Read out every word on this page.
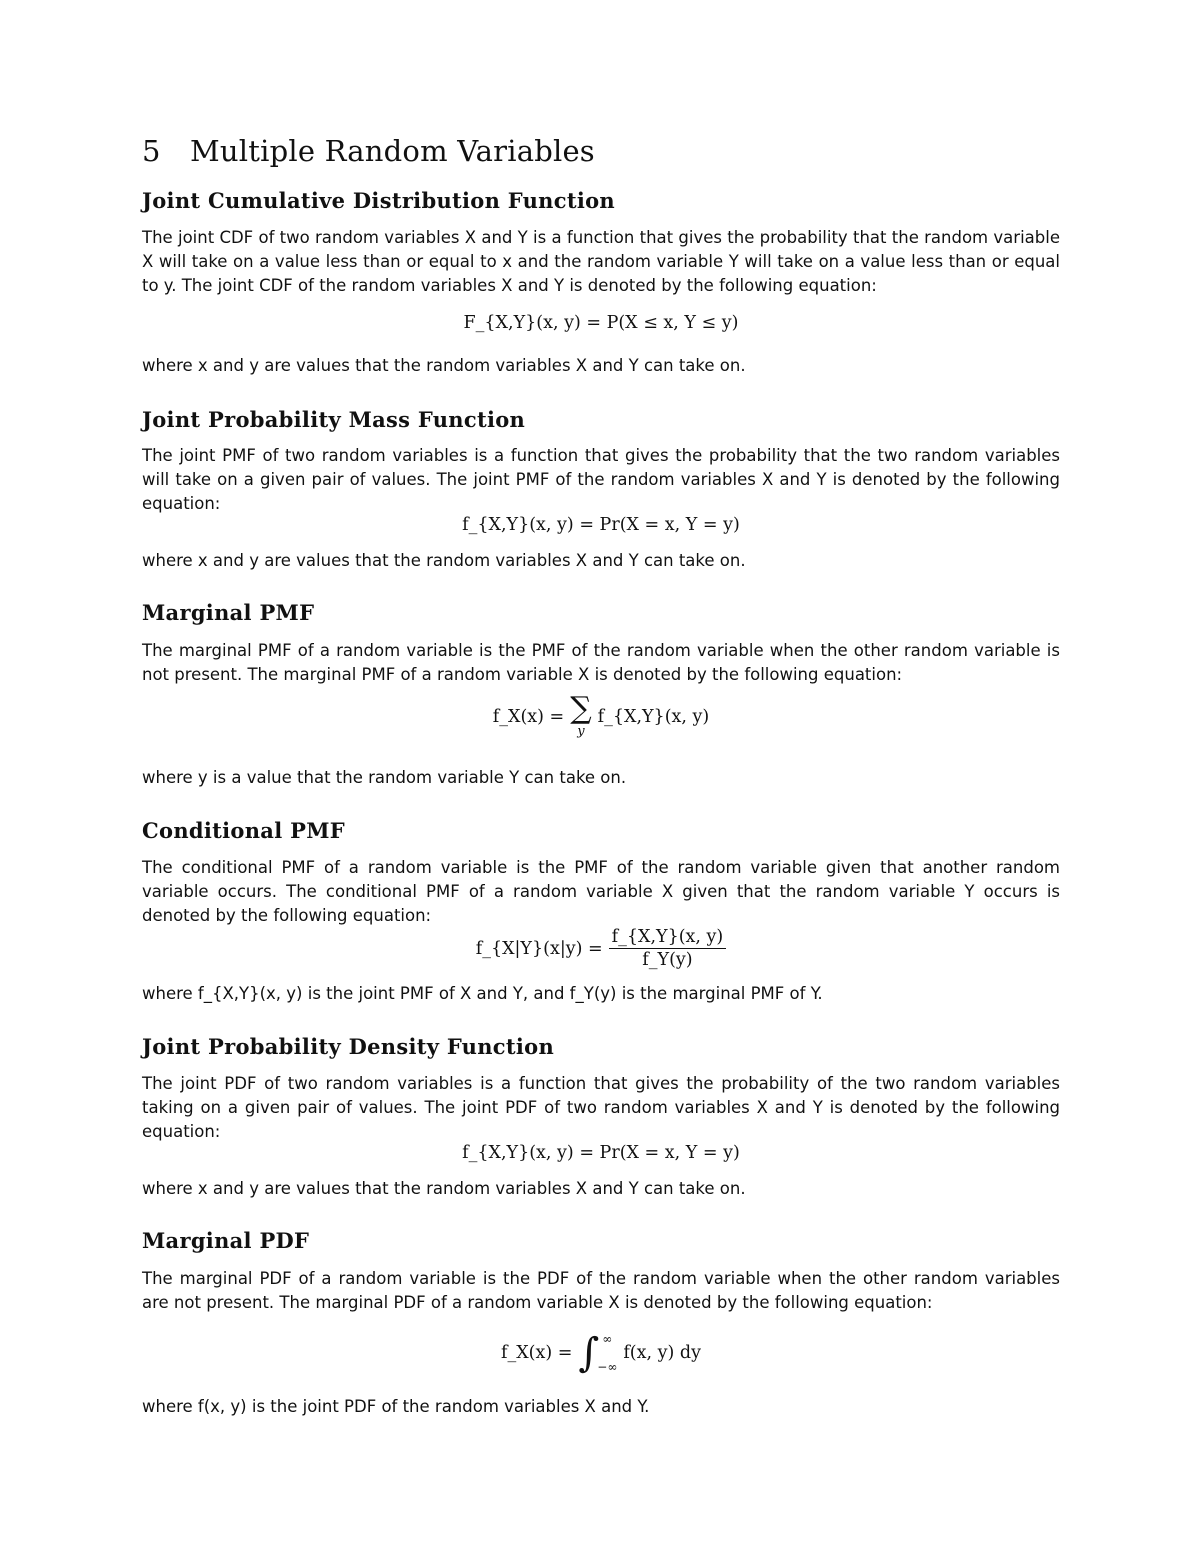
5 Multiple Random Variables
Joint Cumulative Distribution Function

The joint CDF of two random variables X and Y is a function that gives the probability that the random variable X will take on a value less than or equal to x and the random variable Y will take on a value less than or equal to y. The joint CDF of the random variables X and Y is denoted by the following equation:

F_{X,Y}(x, y) = P(X ≤ x, Y ≤ y)

where x and y are values that the random variables X and Y can take on.

Joint Probability Mass Function

The joint PMF of two random variables is a function that gives the probability that the two random variables will take on a given pair of values. The joint PMF of the random variables X and Y is denoted by the following equation:

f_{X,Y}(x, y) = Pr(X = x, Y = y)

where x and y are values that the random variables X and Y can take on.

Marginal PMF

The marginal PMF of a random variable is the PMF of the random variable when the other random variable is not present. The marginal PMF of a random variable X is denoted by the following equation:

f_X(x) = ∑
y
f_{X,Y}(x, y)

where y is a value that the random variable Y can take on.

Conditional PMF

The conditional PMF of a random variable is the PMF of the random variable given that another random variable occurs. The conditional PMF of a random variable X given that the random variable Y occurs is denoted by the following equation:

f_{X|Y}(x|y) = $\frac{f\_\{X,Y\}(x, y)}{f\_Y(y)}$

where f_{X,Y}(x, y) is the joint PMF of X and Y, and f_Y(y) is the marginal PMF of Y.

Joint Probability Density Function

The joint PDF of two random variables is a function that gives the probability of the two random variables taking on a given pair of values. The joint PDF of two random variables X and Y is denoted by the following equation:

f_{X,Y}(x, y) = Pr(X = x, Y = y)

where x and y are values that the random variables X and Y can take on.

Marginal PDF

The marginal PDF of a random variable is the PDF of the random variable when the other random variables are not present. The marginal PDF of a random variable X is denoted by the following equation:

f_X(x) = ∫ ∞
−∞
f(x, y) dy

where f(x, y) is the joint PDF of the random variables X and Y.
